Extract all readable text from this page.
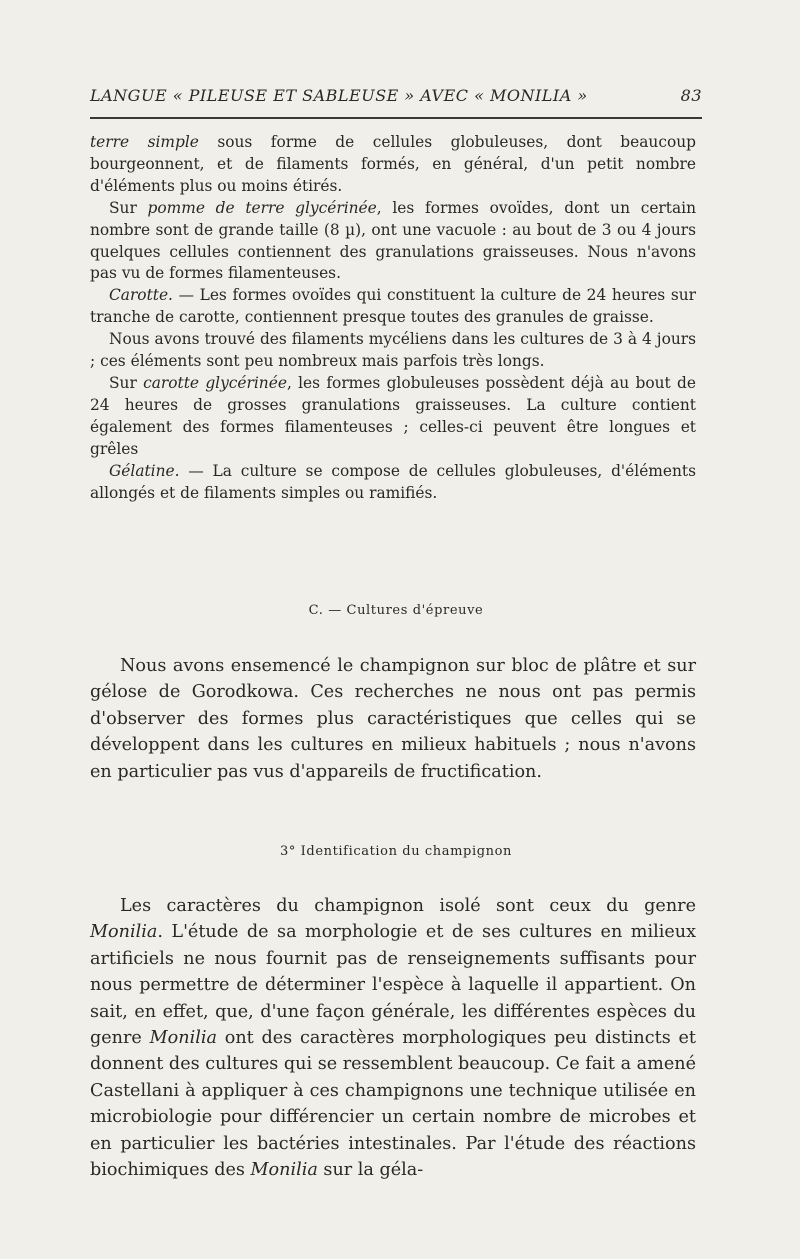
LANGUE « PILEUSE ET SABLEUSE » AVEC « MONILIA »	83

terre simple sous forme de cellules globuleuses, dont beaucoup bourgeonnent, et de filaments formés, en général, d'un petit nombre d'éléments plus ou moins étirés.

Sur pomme de terre glycérinée, les formes ovoïdes, dont un certain nombre sont de grande taille (8 µ), ont une vacuole : au bout de 3 ou 4 jours quelques cellules contiennent des granulations graisseuses. Nous n'avons pas vu de formes filamenteuses.

Carotte. — Les formes ovoïdes qui constituent la culture de 24 heures sur tranche de carotte, contiennent presque toutes des granules de graisse.

Nous avons trouvé des filaments mycéliens dans les cultures de 3 à 4 jours ; ces éléments sont peu nombreux mais parfois très longs.

Sur carotte glycérinée, les formes globuleuses possèdent déjà au bout de 24 heures de grosses granulations graisseuses. La culture contient également des formes filamenteuses ; celles-ci peuvent être longues et grêles

Gélatine. — La culture se compose de cellules globuleuses, d'éléments allongés et de filaments simples ou ramifiés.

C. — Cultures d'épreuve

Nous avons ensemencé le champignon sur bloc de plâtre et sur gélose de Gorodkowa. Ces recherches ne nous ont pas permis d'observer des formes plus caractéristiques que celles qui se développent dans les cultures en milieux habituels ; nous n'avons en particulier pas vus d'appareils de fructification.

3° Identification du champignon

Les caractères du champignon isolé sont ceux du genre Monilia. L'étude de sa morphologie et de ses cultures en milieux artificiels ne nous fournit pas de renseignements suffisants pour nous permettre de déterminer l'espèce à laquelle il appartient. On sait, en effet, que, d'une façon générale, les différentes espèces du genre Monilia ont des caractères morphologiques peu distincts et donnent des cultures qui se ressemblent beaucoup. Ce fait a amené Castellani à appliquer à ces champignons une technique utilisée en microbiologie pour différencier un certain nombre de microbes et en particulier les bactéries intestinales. Par l'étude des réactions biochimiques des Monilia sur la géla-
